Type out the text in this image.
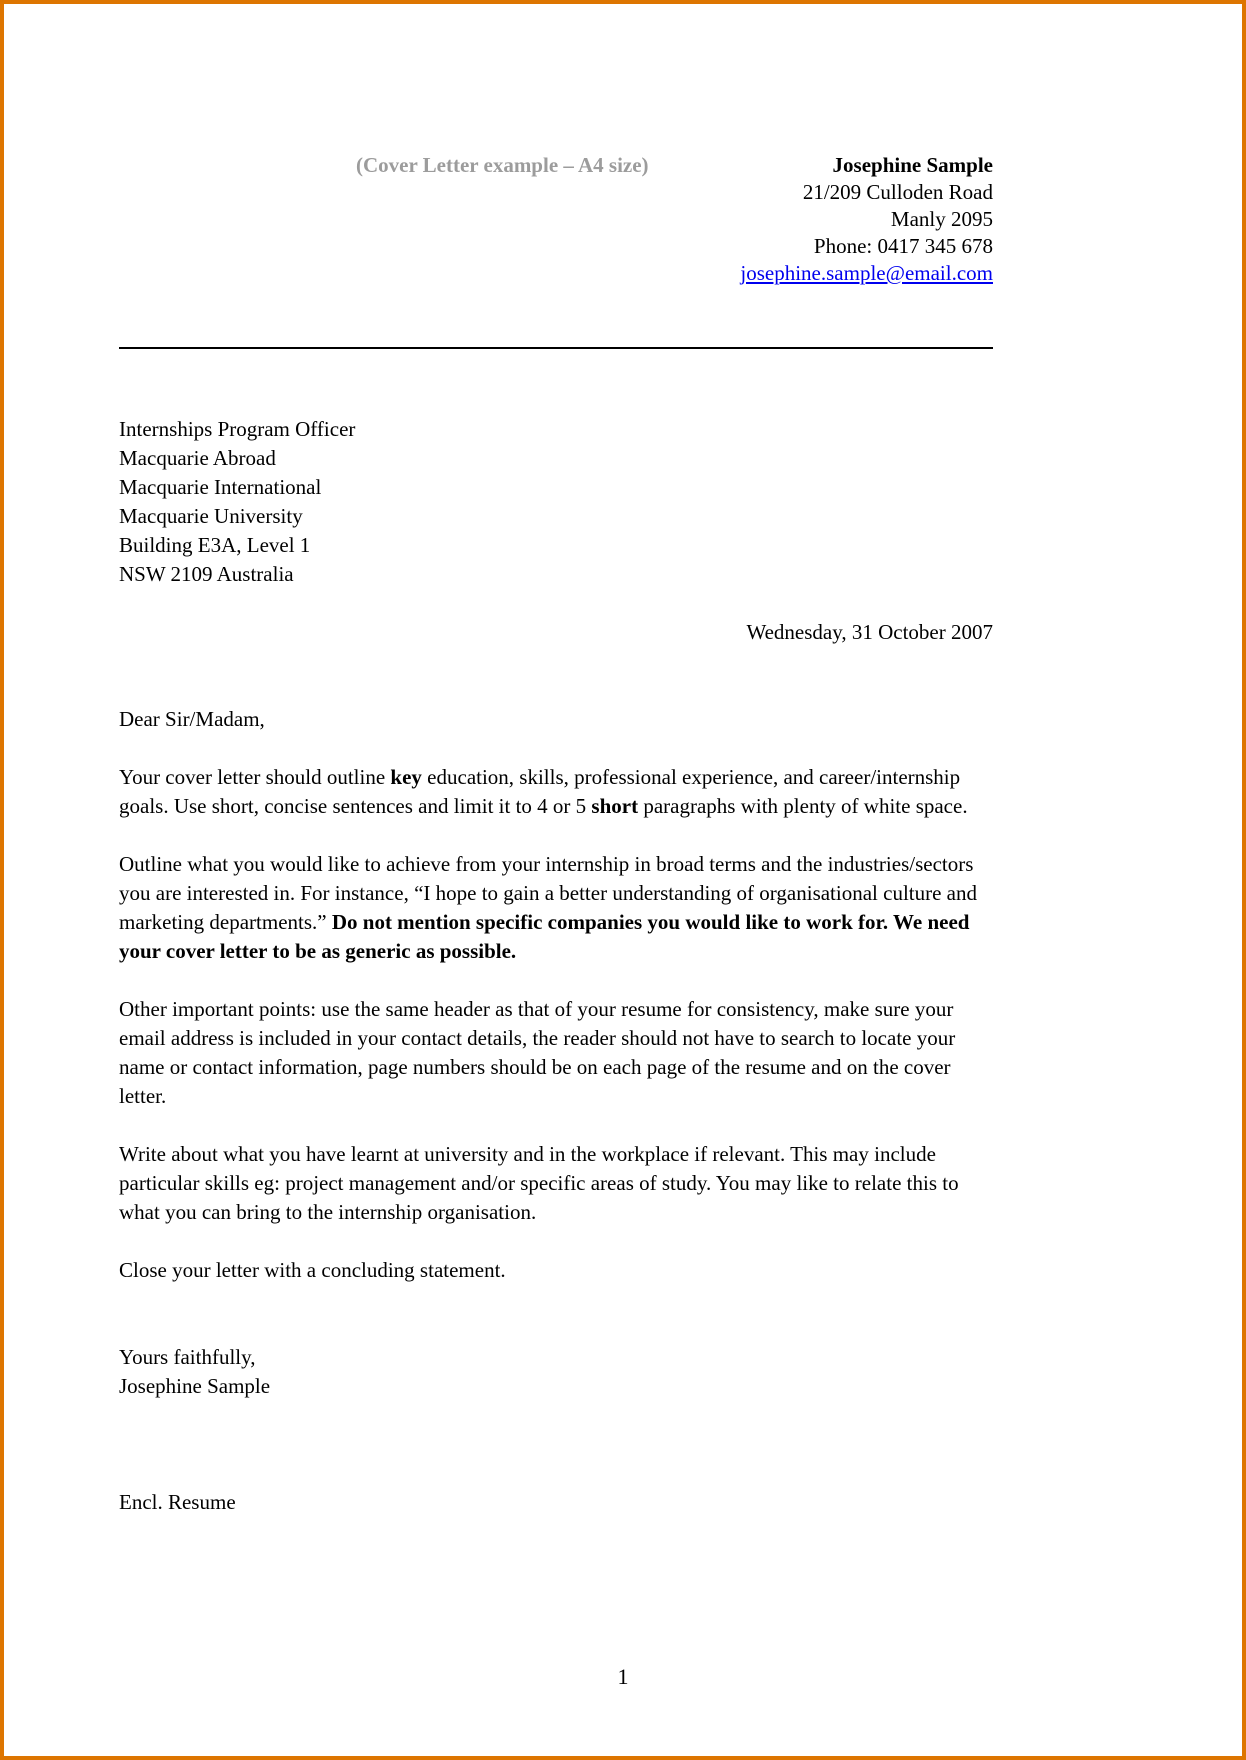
(Cover Letter example – A4 size)	Josephine Sample
21/209 Culloden Road
Manly 2095
Phone: 0417 345 678
josephine.sample@email.com
Internships Program Officer
Macquarie Abroad
Macquarie International
Macquarie University
Building E3A, Level 1
NSW 2109 Australia
Wednesday, 31 October 2007

Dear Sir/Madam,

Your cover letter should outline key education, skills, professional experience, and career/internship goals. Use short, concise sentences and limit it to 4 or 5 short paragraphs with plenty of white space.

Outline what you would like to achieve from your internship in broad terms and the industries/sectors you are interested in. For instance, “I hope to gain a better understanding of organisational culture and marketing departments.” Do not mention specific companies you would like to work for. We need your cover letter to be as generic as possible.

Other important points: use the same header as that of your resume for consistency, make sure your email address is included in your contact details, the reader should not have to search to locate your name or contact information, page numbers should be on each page of the resume and on the cover letter.

Write about what you have learnt at university and in the workplace if relevant. This may include particular skills eg: project management and/or specific areas of study. You may like to relate this to what you can bring to the internship organisation.

Close your letter with a concluding statement.

Yours faithfully,
Josephine Sample
Encl. Resume
1
